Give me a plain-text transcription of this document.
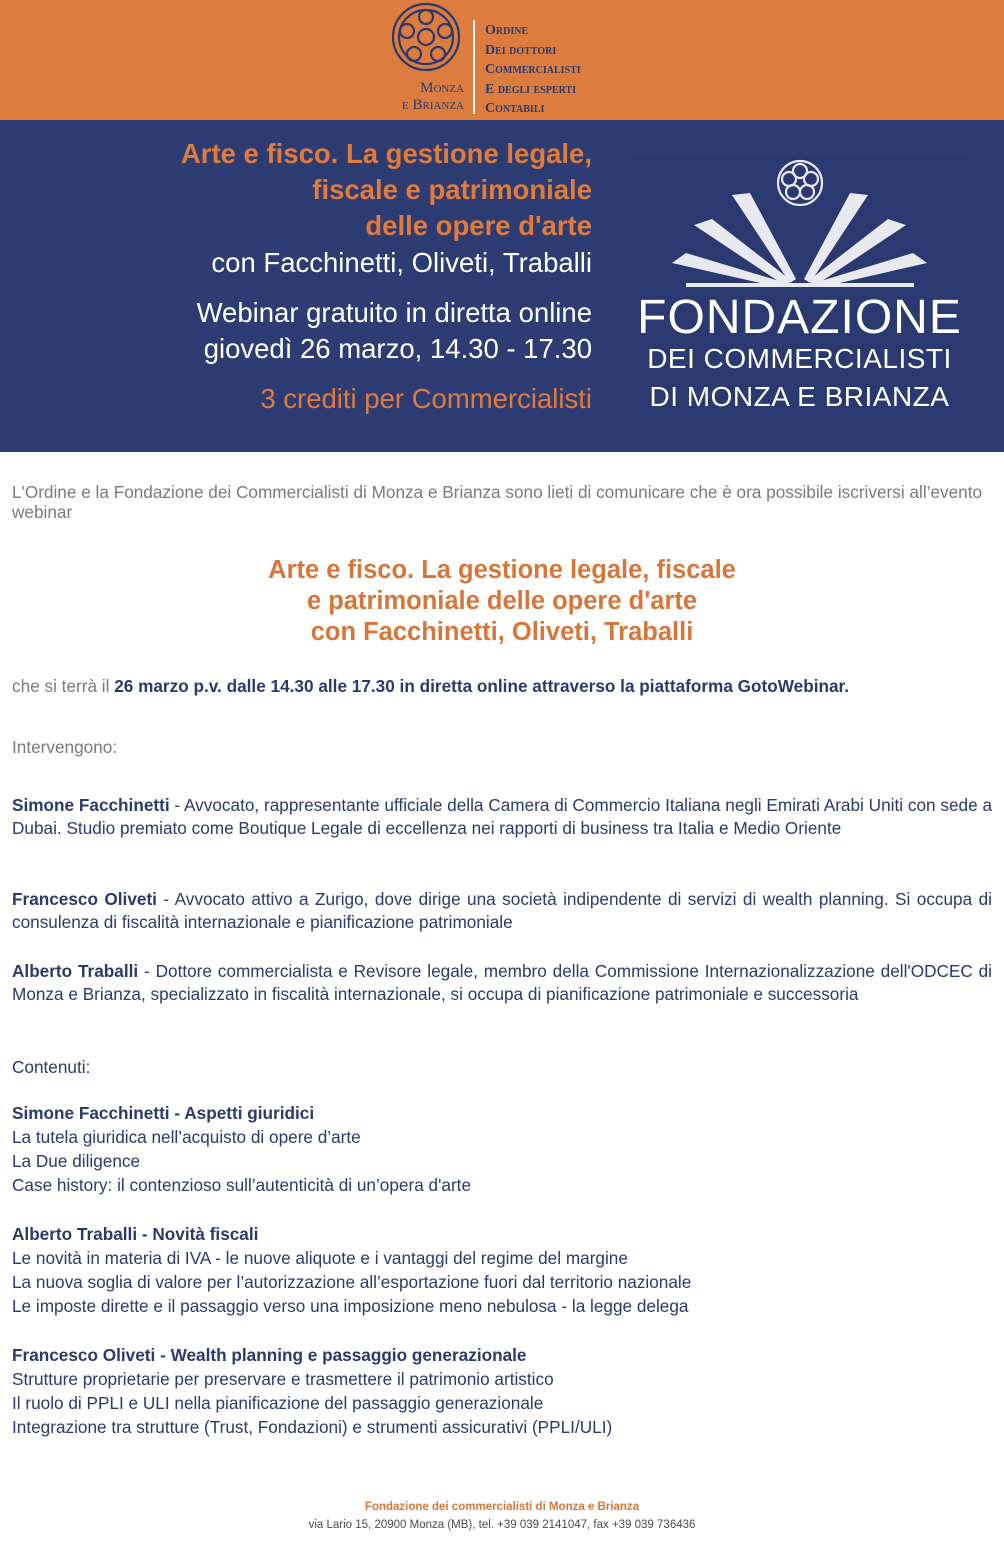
Monza
e Brianza
Ordine
Dei dottori
Commercialisti
E degli esperti
Contabili
Arte e fisco. La gestione legale,
fiscale e patrimoniale
delle opere d'arte
con Facchinetti, Oliveti, Traballi
Webinar gratuito in diretta online
giovedì 26 marzo, 14.30 - 17.30
3 crediti per Commercialisti
FONDAZIONE
DEI COMMERCIALISTI
DI MONZA E BRIANZA

L'Ordine e la Fondazione dei Commercialisti di Monza e Brianza sono lieti di comunicare che è ora possibile iscriversi all’evento webinar

Arte e fisco. La gestione legale, fiscale
e patrimoniale delle opere d'arte
con Facchinetti, Oliveti, Traballi

che si terrà il 26 marzo p.v. dalle 14.30 alle 17.30 in diretta online attraverso la piattaforma GotoWebinar.

Intervengono:

Simone Facchinetti - Avvocato, rappresentante ufficiale della Camera di Commercio Italiana negli Emirati Arabi Uniti con sede a Dubai. Studio premiato come Boutique Legale di eccellenza nei rapporti di business tra Italia e Medio Oriente

Francesco Oliveti - Avvocato attivo a Zurigo, dove dirige una società indipendente di servizi di wealth planning. Si occupa di consulenza di fiscalità internazionale e pianificazione patrimoniale

Alberto Traballi - Dottore commercialista e Revisore legale, membro della Commissione Internazionalizzazione dell'ODCEC di Monza e Brianza, specializzato in fiscalità internazionale, si occupa di pianificazione patrimoniale e successoria

Contenuti:

Simone Facchinetti - Aspetti giuridici
La tutela giuridica nell’acquisto di opere d’arte
La Due diligence
Case history: il contenzioso sull’autenticità di un’opera d'arte
Alberto Traballi - Novità fiscali
Le novità in materia di IVA - le nuove aliquote e i vantaggi del regime del margine
La nuova soglia di valore per l’autorizzazione all’esportazione fuori dal territorio nazionale
Le imposte dirette e il passaggio verso una imposizione meno nebulosa - la legge delega
Francesco Oliveti - Wealth planning e passaggio generazionale
Strutture proprietarie per preservare e trasmettere il patrimonio artistico
Il ruolo di PPLI e ULI nella pianificazione del passaggio generazionale
Integrazione tra strutture (Trust, Fondazioni) e strumenti assicurativi (PPLI/ULI)
Fondazione dei commercialisti di Monza e Brianza
via Lario 15, 20900 Monza (MB), tel. +39 039 2141047, fax +39 039 736436
